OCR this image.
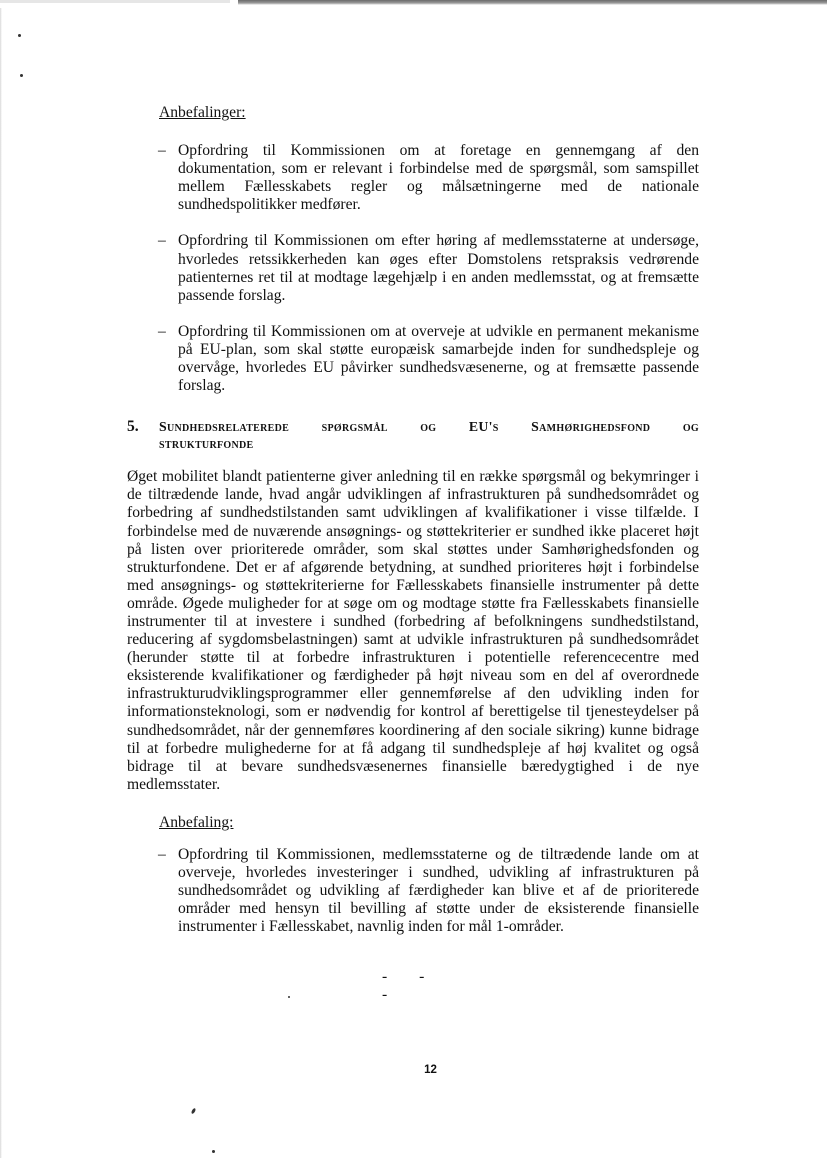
Anbefalinger:
– Opfordring til Kommissionen om at foretage en gennemgang af den dokumentation, som er relevant i forbindelse med de spørgsmål, som samspillet mellem Fællesskabets regler og målsætningerne med de nationale sundhedspolitikker medfører.
– Opfordring til Kommissionen om efter høring af medlemsstaterne at undersøge, hvorledes retssikkerheden kan øges efter Domstolens retspraksis vedrørende patienternes ret til at modtage lægehjælp i en anden medlemsstat, og at fremsætte passende forslag.
– Opfordring til Kommissionen om at overveje at udvikle en permanent mekanisme på EU-plan, som skal støtte europæisk samarbejde inden for sundhedspleje og overvåge, hvorledes EU påvirker sundhedsvæsenerne, og at fremsætte passende forslag.
5.	Sundhedsrelaterede spørgsmål og EU's Samhørighedsfond og
strukturfonde

Øget mobilitet blandt patienterne giver anledning til en række spørgsmål og bekymringer i de tiltrædende lande, hvad angår udviklingen af infrastrukturen på sundhedsområdet og forbedring af sundhedstilstanden samt udviklingen af kvalifikationer i visse tilfælde. I forbindelse med de nuværende ansøgnings- og støttekriterier er sundhed ikke placeret højt på listen over prioriterede områder, som skal støttes under Samhørighedsfonden og strukturfondene. Det er af afgørende betydning, at sundhed prioriteres højt i forbindelse med ansøgnings- og støttekriterierne for Fællesskabets finansielle instrumenter på dette område. Øgede muligheder for at søge om og modtage støtte fra Fællesskabets finansielle instrumenter til at investere i sundhed (forbedring af befolkningens sundhedstilstand, reducering af sygdomsbelastningen) samt at udvikle infrastrukturen på sundhedsområdet (herunder støtte til at forbedre infrastrukturen i potentielle referencecentre med eksisterende kvalifikationer og færdigheder på højt niveau som en del af overordnede infrastrukturudviklingsprogrammer eller gennemførelse af den udvikling inden for informationsteknologi, som er nødvendig for kontrol af berettigelse til tjenesteydelser på sundhedsområdet, når der gennemføres koordinering af den sociale sikring) kunne bidrage til at forbedre mulighederne for at få adgang til sundhedspleje af høj kvalitet og også bidrage til at bevare sundhedsvæsenernes finansielle bæredygtighed i de nye medlemsstater.

Anbefaling:
– Opfordring til Kommissionen, medlemsstaterne og de tiltrædende lande om at overveje, hvorledes investeringer i sundhed, udvikling af infrastrukturen på sundhedsområdet og udvikling af færdigheder kan blive et af de prioriterede områder med hensyn til bevilling af støtte under de eksisterende finansielle instrumenter i Fællesskabet, navnlig inden for mål 1-områder.
- - -
12
